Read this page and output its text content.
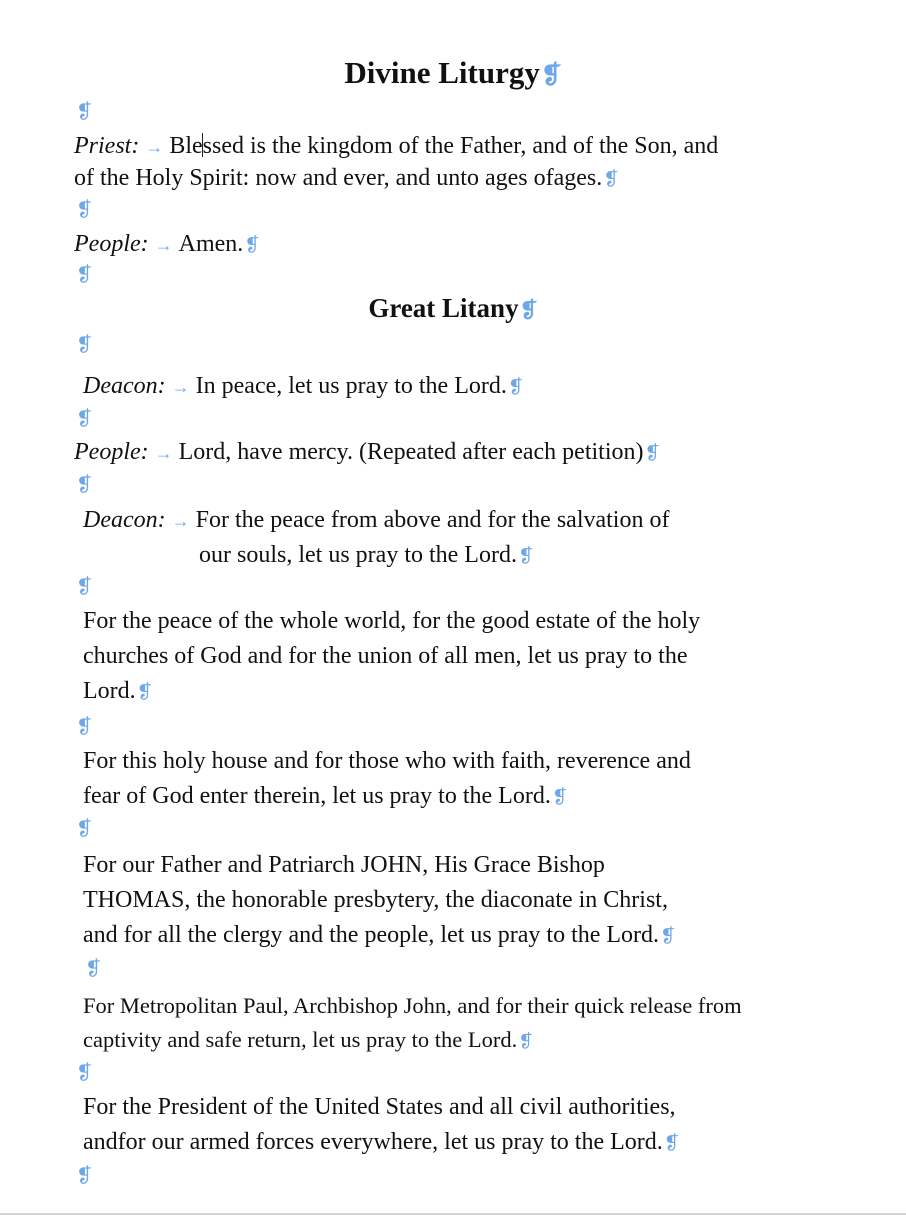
Divine Liturgy❡
❡
Priest: → Blessed is the kingdom of the Father, and of the Son, and
of the Holy Spirit: now and ever, and unto ages ofages.❡
❡
People: → Amen.❡
❡
Great Litany❡
❡
Deacon: → In peace, let us pray to the Lord.❡
❡
People: → Lord, have mercy. (Repeated after each petition)❡
❡
Deacon: → For the peace from above and for the salvation of
our souls, let us pray to the Lord.❡
❡
For the peace of the whole world, for the good estate of the holy
churches of God and for the union of all men, let us pray to the
Lord.❡
❡
For this holy house and for those who with faith, reverence and
fear of God enter therein, let us pray to the Lord.❡
❡
For our Father and Patriarch JOHN, His Grace Bishop
THOMAS, the honorable presbytery, the diaconate in Christ,
and for all the clergy and the people, let us pray to the Lord.❡
❡
For Metropolitan Paul, Archbishop John, and for their quick release from
captivity and safe return, let us pray to the Lord.❡
❡
For the President of the United States and all civil authorities,
andfor our armed forces everywhere, let us pray to the Lord.❡
❡
